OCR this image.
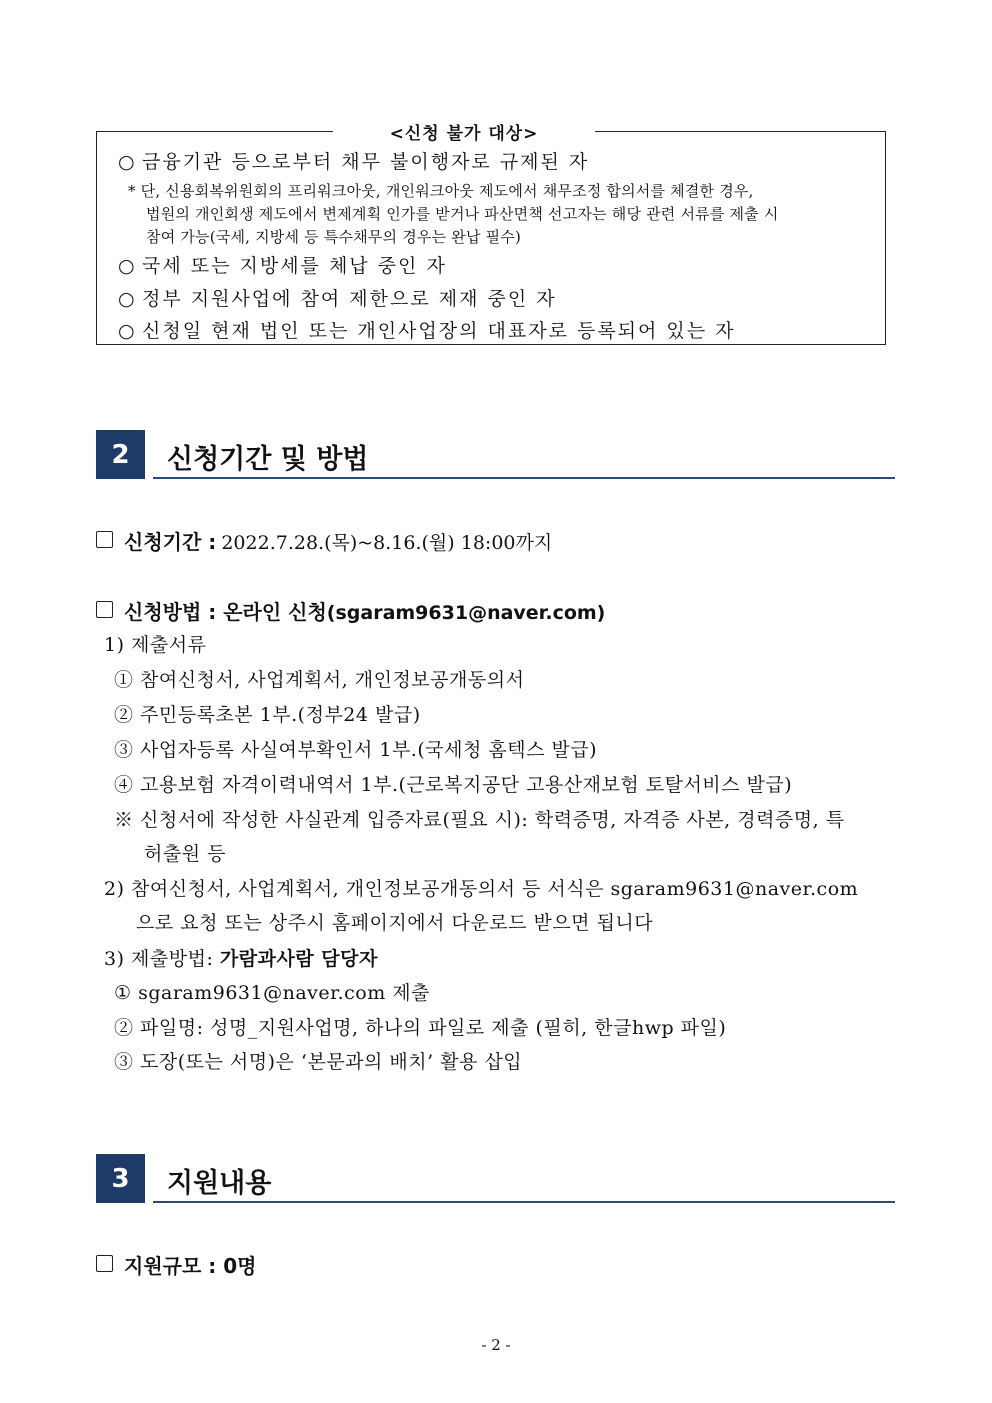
<신청 불가 대상>
○ 금융기관 등으로부터 채무 불이행자로 규제된 자
* 단, 신용회복위원회의 프리워크아웃, 개인워크아웃 제도에서 채무조정 합의서를 체결한 경우,
법원의 개인회생 제도에서 변제계획 인가를 받거나 파산면책 선고자는 해당 관련 서류를 제출 시
참여 가능(국세, 지방세 등 특수채무의 경우는 완납 필수)
○ 국세 또는 지방세를 체납 중인 자
○ 정부 지원사업에 참여 제한으로 제재 중인 자
○ 신청일 현재 법인 또는 개인사업장의 대표자로 등록되어 있는 자
2	신청기간 및 방법
신청기간 : 2022.7.28.(목)~8.16.(월) 18:00까지
신청방법 : 온라인 신청(sgaram9631@naver.com)
1) 제출서류
① 참여신청서, 사업계획서, 개인정보공개동의서
② 주민등록초본 1부.(정부24 발급)
③ 사업자등록 사실여부확인서 1부.(국세청 홈텍스 발급)
④ 고용보험 자격이력내역서 1부.(근로복지공단 고용산재보험 토탈서비스 발급)
※ 신청서에 작성한 사실관계 입증자료(필요 시): 학력증명, 자격증 사본, 경력증명, 특
허출원 등
2) 참여신청서, 사업계획서, 개인정보공개동의서 등 서식은 sgaram9631@naver.com
으로 요청 또는 상주시 홈페이지에서 다운로드 받으면 됩니다
3) 제출방법: 가람과사람 담당자
① sgaram9631@naver.com 제출
② 파일명: 성명_지원사업명, 하나의 파일로 제출 (필히, 한글hwp 파일)
③ 도장(또는 서명)은 ‘본문과의 배치’ 활용 삽입
3	지원내용
지원규모 : 0명
- 2 -
